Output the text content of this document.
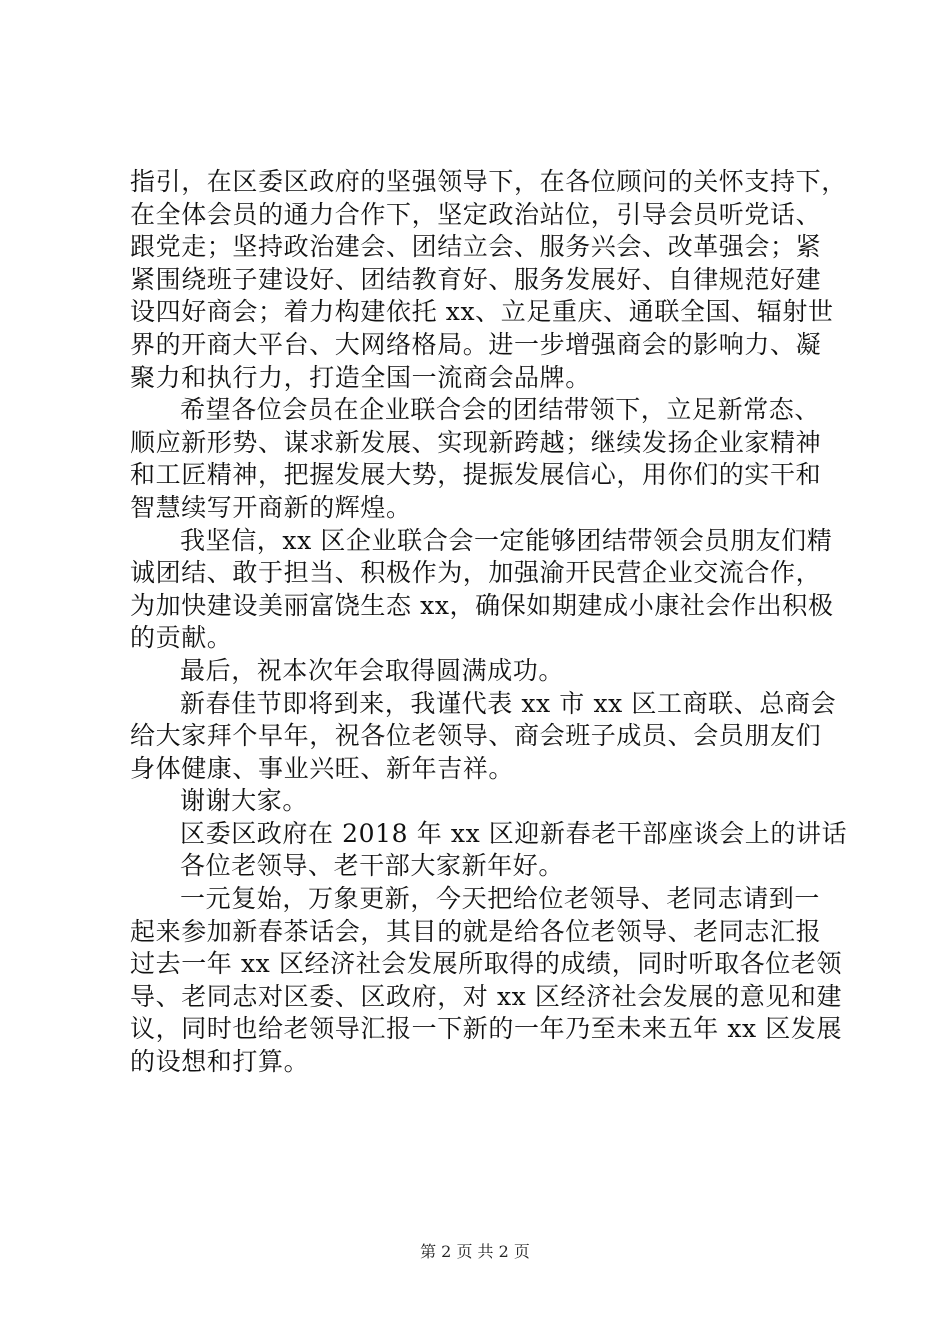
指引，在区委区政府的坚强领导下，在各位顾问的关怀支持下，
在全体会员的通力合作下，坚定政治站位，引导会员听党话、
跟党走；坚持政治建会、团结立会、服务兴会、改革强会；紧
紧围绕班子建设好、团结教育好、服务发展好、自律规范好建
设四好商会；着力构建依托 xx、立足重庆、通联全国、辐射世
界的开商大平台、大网络格局。进一步增强商会的影响力、凝
聚力和执行力，打造全国一流商会品牌。
希望各位会员在企业联合会的团结带领下，立足新常态、
顺应新形势、谋求新发展、实现新跨越；继续发扬企业家精神
和工匠精神，把握发展大势，提振发展信心，用你们的实干和
智慧续写开商新的辉煌。
我坚信，xx 区企业联合会一定能够团结带领会员朋友们精
诚团结、敢于担当、积极作为，加强渝开民营企业交流合作，
为加快建设美丽富饶生态 xx，确保如期建成小康社会作出积极
的贡献。
最后，祝本次年会取得圆满成功。
新春佳节即将到来，我谨代表 xx 市 xx 区工商联、总商会
给大家拜个早年，祝各位老领导、商会班子成员、会员朋友们
身体健康、事业兴旺、新年吉祥。
谢谢大家。
区委区政府在 2018 年 xx 区迎新春老干部座谈会上的讲话
各位老领导、老干部大家新年好。
一元复始，万象更新，今天把给位老领导、老同志请到一
起来参加新春茶话会，其目的就是给各位老领导、老同志汇报
过去一年 xx 区经济社会发展所取得的成绩，同时听取各位老领
导、老同志对区委、区政府，对 xx 区经济社会发展的意见和建
议，同时也给老领导汇报一下新的一年乃至未来五年 xx 区发展
的设想和打算。
第 2 页 共 2 页
